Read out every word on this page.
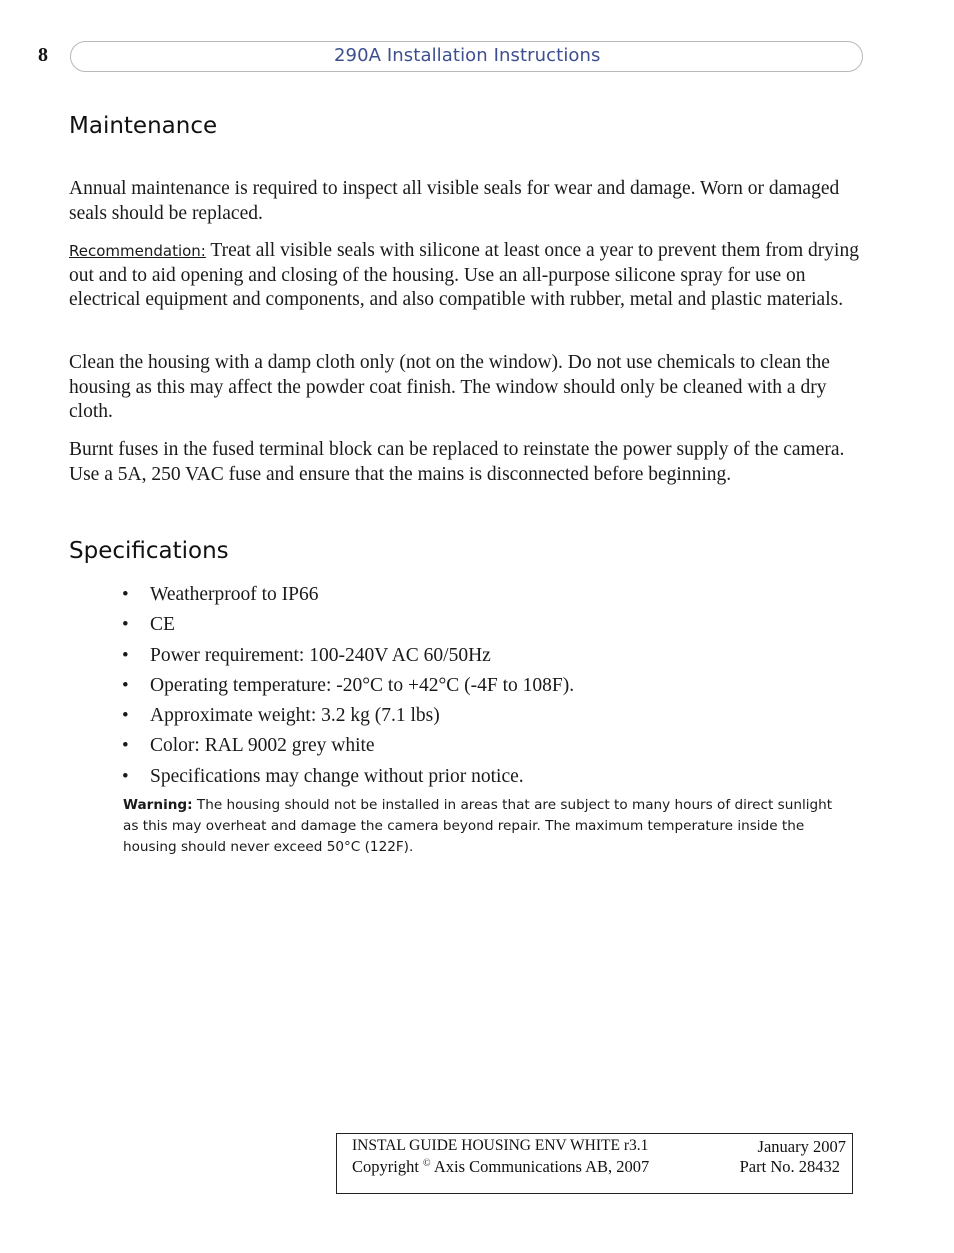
8	290A Installation Instructions
Maintenance

Annual maintenance is required to inspect all visible seals for wear and damage. Worn or damaged seals should be replaced.

Recommendation: Treat all visible seals with silicone at least once a year to prevent them from drying out and to aid opening and closing of the housing. Use an all-purpose silicone spray for use on electrical equipment and components, and also compatible with rubber, metal and plastic materials.

Clean the housing with a damp cloth only (not on the window). Do not use chemicals to clean the housing as this may affect the powder coat finish. The window should only be cleaned with a dry cloth.

Burnt fuses in the fused terminal block can be replaced to reinstate the power supply of the camera. Use a 5A, 250 VAC fuse and ensure that the mains is disconnected before beginning.

Specifications
• Weatherproof to IP66
• CE
• Power requirement: 100-240V AC 60/50Hz
• Operating temperature: -20°C to +42°C (-4F to 108F).
• Approximate weight: 3.2 kg (7.1 lbs)
• Color: RAL 9002 grey white
• Specifications may change without prior notice.

Warning: The housing should not be installed in areas that are subject to many hours of direct sunlight as this may overheat and damage the camera beyond repair. The maximum temperature inside the housing should never exceed 50°C (122F).

INSTAL GUIDE HOUSING ENV WHITE r3.1	January 2007
Copyright © Axis Communications AB, 2007	Part No. 28432
